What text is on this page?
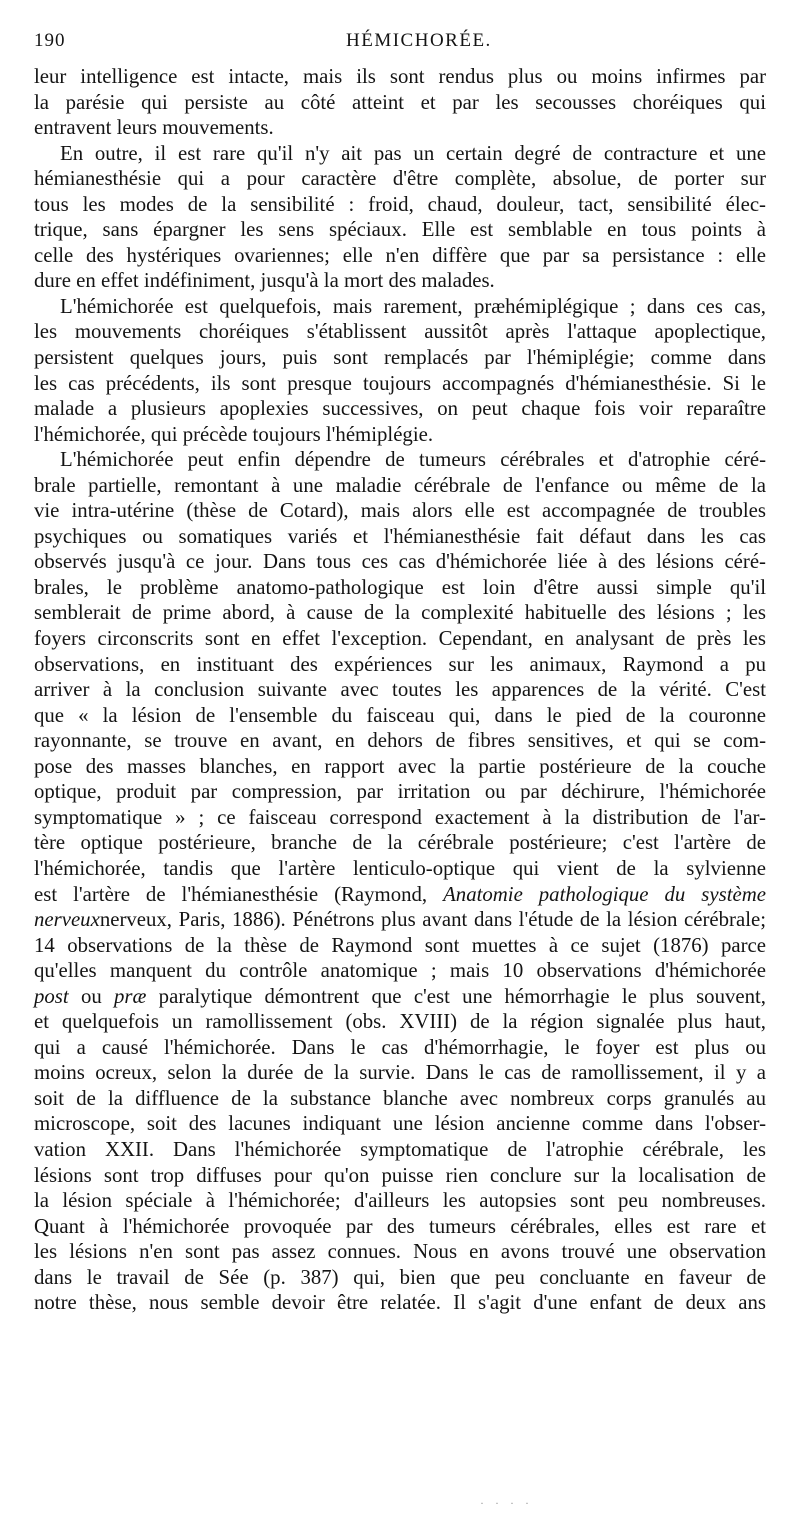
190	HÉMICHORÉE.
leur intelligence est intacte, mais ils sont rendus plus ou moins infirmes par
la parésie qui persiste au côté atteint et par les secousses choréiques qui
entravent leurs mouvements.
En outre, il est rare qu'il n'y ait pas un certain degré de contracture et une
hémianesthésie qui a pour caractère d'être complète, absolue, de porter sur
tous les modes de la sensibilité : froid, chaud, douleur, tact, sensibilité élec-
trique, sans épargner les sens spéciaux. Elle est semblable en tous points à
celle des hystériques ovariennes; elle n'en diffère que par sa persistance : elle
dure en effet indéfiniment, jusqu'à la mort des malades.
L'hémichorée est quelquefois, mais rarement, præhémiplégique ; dans ces cas,
les mouvements choréiques s'établissent aussitôt après l'attaque apoplectique,
persistent quelques jours, puis sont remplacés par l'hémiplégie; comme dans
les cas précédents, ils sont presque toujours accompagnés d'hémianesthésie. Si le
malade a plusieurs apoplexies successives, on peut chaque fois voir reparaître
l'hémichorée, qui précède toujours l'hémiplégie.
L'hémichorée peut enfin dépendre de tumeurs cérébrales et d'atrophie céré-
brale partielle, remontant à une maladie cérébrale de l'enfance ou même de la
vie intra-utérine (thèse de Cotard), mais alors elle est accompagnée de troubles
psychiques ou somatiques variés et l'hémianesthésie fait défaut dans les cas
observés jusqu'à ce jour. Dans tous ces cas d'hémichorée liée à des lésions céré-
brales, le problème anatomo-pathologique est loin d'être aussi simple qu'il
semblerait de prime abord, à cause de la complexité habituelle des lésions ; les
foyers circonscrits sont en effet l'exception. Cependant, en analysant de près les
observations, en instituant des expériences sur les animaux, Raymond a pu
arriver à la conclusion suivante avec toutes les apparences de la vérité. C'est
que « la lésion de l'ensemble du faisceau qui, dans le pied de la couronne
rayonnante, se trouve en avant, en dehors de fibres sensitives, et qui se com-
pose des masses blanches, en rapport avec la partie postérieure de la couche
optique, produit par compression, par irritation ou par déchirure, l'hémichorée
symptomatique » ; ce faisceau correspond exactement à la distribution de l'ar-
tère optique postérieure, branche de la cérébrale postérieure; c'est l'artère de
l'hémichorée, tandis que l'artère lenticulo-optique qui vient de la sylvienne
est l'artère de l'hémianesthésie (Raymond, Anatomie pathologique du système
nerveuxnerveux, Paris, 1886). Pénétrons plus avant dans l'étude de la lésion cérébrale;
14 observations de la thèse de Raymond sont muettes à ce sujet (1876) parce
qu'elles manquent du contrôle anatomique ; mais 10 observations d'hémichorée
post ou præ paralytique démontrent que c'est une hémorrhagie le plus souvent,
et quelquefois un ramollissement (obs. XVIII) de la région signalée plus haut,
qui a causé l'hémichorée. Dans le cas d'hémorrhagie, le foyer est plus ou
moins ocreux, selon la durée de la survie. Dans le cas de ramollissement, il y a
soit de la diffluence de la substance blanche avec nombreux corps granulés au
microscope, soit des lacunes indiquant une lésion ancienne comme dans l'obser-
vation XXII. Dans l'hémichorée symptomatique de l'atrophie cérébrale, les
lésions sont trop diffuses pour qu'on puisse rien conclure sur la localisation de
la lésion spéciale à l'hémichorée; d'ailleurs les autopsies sont peu nombreuses.
Quant à l'hémichorée provoquée par des tumeurs cérébrales, elles est rare et
les lésions n'en sont pas assez connues. Nous en avons trouvé une observation
dans le travail de Sée (p. 387) qui, bien que peu concluante en faveur de
notre thèse, nous semble devoir être relatée. Il s'agit d'une enfant de deux ans
· · · ·
